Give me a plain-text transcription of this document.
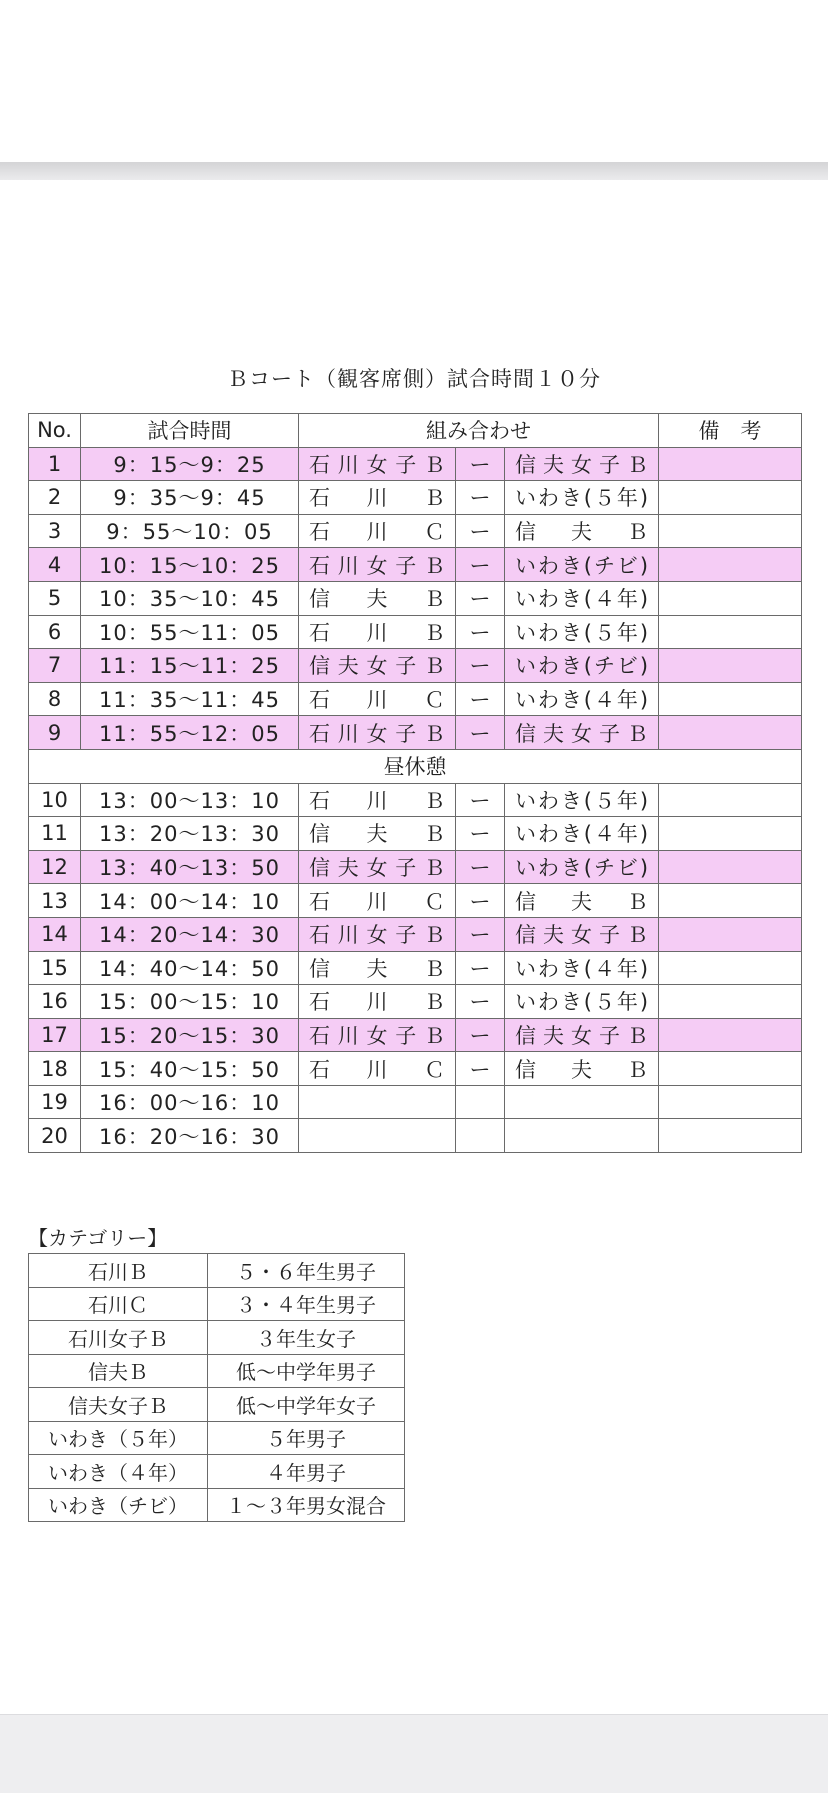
Ｂコート（観客席側）試合時間１０分
No.	試合時間	組み合わせ			備　考
1	9：15～9：25	石川女子Ｂ	ー	信夫女子Ｂ	
2	9：35～9：45	石川Ｂ	ー	いわき(５年)	
3	9：55～10：05	石川Ｃ	ー	信夫Ｂ	
4	10：15～10：25	石川女子Ｂ	ー	いわき(チビ)	
5	10：35～10：45	信夫Ｂ	ー	いわき(４年)	
6	10：55～11：05	石川Ｂ	ー	いわき(５年)	
7	11：15～11：25	信夫女子Ｂ	ー	いわき(チビ)	
8	11：35～11：45	石川Ｃ	ー	いわき(４年)	
9	11：55～12：05	石川女子Ｂ	ー	信夫女子Ｂ	
昼休憩					
10	13：00～13：10	石川Ｂ	ー	いわき(５年)	
11	13：20～13：30	信夫Ｂ	ー	いわき(４年)	
12	13：40～13：50	信夫女子Ｂ	ー	いわき(チビ)	
13	14：00～14：10	石川Ｃ	ー	信夫Ｂ	
14	14：20～14：30	石川女子Ｂ	ー	信夫女子Ｂ	
15	14：40～14：50	信夫Ｂ	ー	いわき(４年)	
16	15：00～15：10	石川Ｂ	ー	いわき(５年)	
17	15：20～15：30	石川女子Ｂ	ー	信夫女子Ｂ	
18	15：40～15：50	石川Ｃ	ー	信夫Ｂ	
19	16：00～16：10				
20	16：20～16：30				
【カテゴリー】
石川Ｂ	５・６年生男子
石川Ｃ	３・４年生男子
石川女子Ｂ	３年生女子
信夫Ｂ	低～中学年男子
信夫女子Ｂ	低～中学年女子
いわき（５年）	５年男子
いわき（４年）	４年男子
いわき（チビ）	１～３年男女混合
